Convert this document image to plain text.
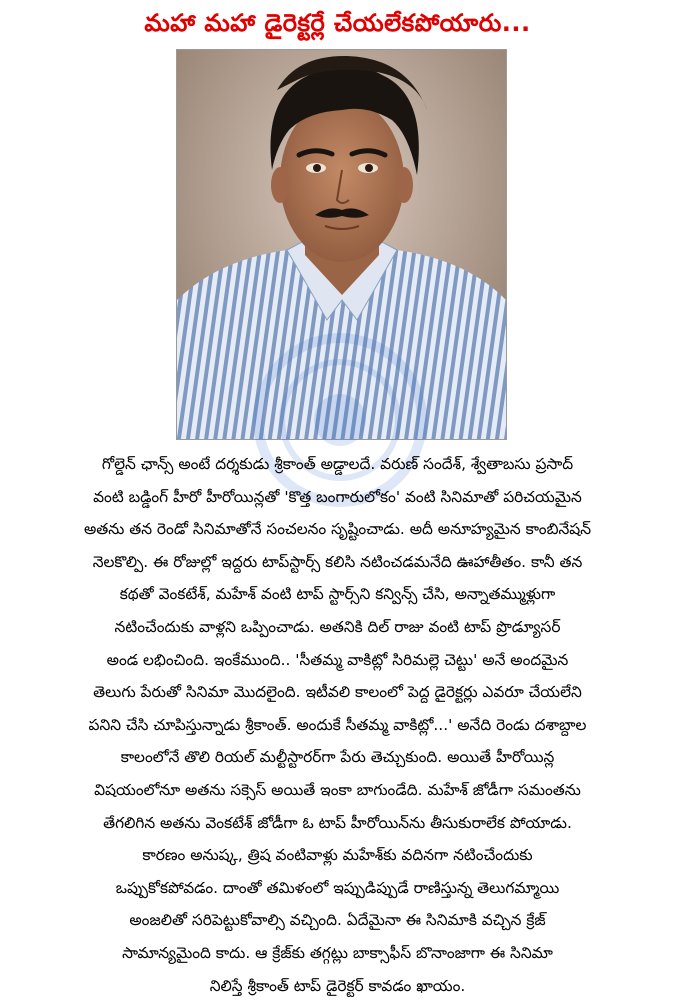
మహా మహా డైరెక్టర్లే చేయలేకపోయారు...
గోల్డెన్ ఛాన్స్ అంటే దర్శకుడు శ్రీకాంత్ అడ్డాలదే. వరుణ్ సందేశ్, శ్వేతాబసు ప్రసాద్
వంటి బడ్డింగ్ హీరో హీరోయిన్లతో 'కొత్త బంగారులోకం' వంటి సినిమాతో పరిచయమైన
అతను తన రెండో సినిమాతోనే సంచలనం సృష్టించాడు. అదీ అనూహ్యమైన కాంబినేషన్
నెలకొల్పి. ఈ రోజుల్లో ఇద్దరు టాప్‌స్టార్స్ కలిసి నటించడమనేది ఊహాతీతం. కానీ తన
కథతో వెంకటేశ్, మహేశ్ వంటి టాప్ స్టార్స్‌ని కన్విన్స్ చేసి, అన్నాతమ్ముళ్లుగా
నటించేందుకు వాళ్లని ఒప్పించాడు. అతనికి దిల్ రాజు వంటి టాప్ ప్రొడ్యూసర్
అండ లభించింది. ఇంకేముంది.. 'సీతమ్మ వాకిట్లో సిరిమల్లె చెట్టు' అనే అందమైన
తెలుగు పేరుతో సినిమా మొదలైంది. ఇటీవలి కాలంలో పెద్ద డైరెక్టర్లు ఎవరూ చేయలేని
పనిని చేసి చూపిస్తున్నాడు శ్రీకాంత్. అందుకే సీతమ్మ వాకిట్లో...' అనేది రెండు దశాబ్దాల
కాలంలోనే తొలి రియల్ మల్టీస్టారర్‌గా పేరు తెచ్చుకుంది. అయితే హీరోయిన్ల
విషయంలోనూ అతను సక్సెస్ అయితే ఇంకా బాగుండేది. మహేశ్ జోడీగా సమంతను
తేగలిగిన అతను వెంకటేశ్ జోడీగా ఓ టాప్ హీరోయిన్‌ను తీసుకురాలేక పోయాడు.
కారణం అనుష్క, త్రిష వంటివాళ్లు మహేశ్‌కు వదినగా నటించేందుకు
ఒప్పుకోకపోవడం. దాంతో తమిళంలో ఇప్పుడిప్పుడే రాణిస్తున్న తెలుగమ్మాయి
అంజలితో సరిపెట్టుకోవాల్సి వచ్చింది. ఏదేమైనా ఈ సినిమాకి వచ్చిన క్రేజ్
సామాన్యమైంది కాదు. ఆ క్రేజ్‌కు తగ్గట్లు బాక్సాఫీస్ బొనాంజాగా ఈ సినిమా
నిలిస్తే శ్రీకాంత్ టాప్ డైరెక్టర్ కావడం ఖాయం.
